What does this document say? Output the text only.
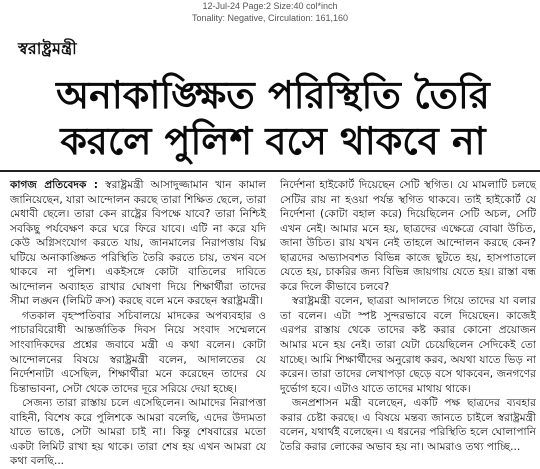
12-Jul-24 Page:2 Size:40 col*inch
Tonality: Negative, Circulation: 161,160
স্বরাষ্ট্রমন্ত্রী
অনাকাঙ্ক্ষিত পরিস্থিতি তৈরি
করলে পুলিশ বসে থাকবে না

কাগজ প্রতিবেদক : স্বরাষ্ট্রমন্ত্রী আসাদুজ্জামান খান কামাল জানিয়েছেন, যারা আন্দোলন করছে তারা শিক্ষিত ছেলে, তারা মেধাবী ছেলে। তারা কেন রাষ্ট্রের বিপক্ষে যাবে? তারা নিশ্চিই সবকিছু পর্যবেক্ষণ করে ঘরে ফিরে যাবে। এটি না করে যদি কেউ অগ্নিসংযোগ করতে যায়, জানমালের নিরাপত্তায় বিঘ্ন ঘটিয়ে অনাকাঙ্ক্ষিত পরিস্থিতি তৈরি করতে চায়, তখন বসে থাকবে না পুলিশ। একইসঙ্গে কোটা বাতিলের দাবিতে আন্দোলন অব্যাহত রাখার ঘোষণা দিয়ে শিক্ষার্থীরা তাদের সীমা লঙ্ঘন (লিমিট ক্রস) করছে বলে মনে করছেন স্বরাষ্ট্রমন্ত্রী।

গতকাল বৃহস্পতিবার সচিবালয়ে মাদকের অপব্যবহার ও পাচারবিরোধী আন্তর্জাতিক দিবস নিয়ে সংবাদ সম্মেলনে সাংবাদিকদের প্রশ্নের জবাবে মন্ত্রী এ কথা বলেন। কোটা আন্দোলনের বিষয়ে স্বরাষ্ট্রমন্ত্রী বলেন, আদালতের যে নির্দেশনাটা এসেছিল, শিক্ষার্থীরা মনে করেছেন তাদের যে চিন্তাভাবনা, সেটা থেকে তাদের দূরে সরিয়ে দেয়া হচ্ছে।

সেজন্য তারা রাস্তায় চলে এসেছিলেন। আমাদের নিরাপত্তা বাহিনী, বিশেষ করে পুলিশকে আমরা বলেছি, এদের উদ্যমতা যাতে ভাঙে, সেটা আমরা চাই না। কিন্তু শেষবারের মতো একটা লিমিট রাখা হয় থাকে। তারা শেষ হয় এখন আমরা যে কথা বলছি...

নির্দেশনা হাইকোর্ট দিয়েছেন সেটি স্থগিত। যে মামলাটি চলছে সেটির রায় না হওয়া পর্যন্ত স্থগিত থাকবে। তাই হাইকোর্ট যে নির্দেশনা (কোটা বহাল করে) দিয়েছিলেন সেটি অচল, সেটি এখন নেই। আমার মনে হয়, ছাত্রদের এক্ষেত্রে বোঝা উচিত, জানা উচিত। রায় যখন নেই তাহলে আন্দোলন করছে কেন? ছাত্রদের অভ্যাসবশত বিভিন্ন কাজে ছুটতে হয়, হাসপাতালে যেতে হয়, চাকরির জন্য বিভিন্ন জায়গায় যেতে হয়। রাস্তা বন্ধ করে দিলে কীভাবে চলবে?

স্বরাষ্ট্রমন্ত্রী বলেন, ছাত্ররা আদালতে গিয়ে তাদের যা বলার তা বলেন। এটা স্পষ্ট সুন্দরভাবে বলে দিয়েছেন। কাজেই এরপর রাস্তায় থেকে তাদের কষ্ট করার কোনো প্রয়োজন আমার মনে হয় নেই। তারা যেটা চেয়েছিলেন সেদিকেই তো যাচ্ছে। আমি শিক্ষার্থীদের অনুরোধ করব, অযথা যাতে ভিড় না করেন। তারা তাদের লেখাপড়া ছেড়ে বসে থাকবেন, জনগণের দুর্ভোগ হবে। এটাও যাতে তাদের মাথায় থাকে।

জনপ্রশাসন মন্ত্রী বলেছেন, একটি পক্ষ ছাত্রদের ব্যবহার করার চেষ্টা করছে। এ বিষয়ে মন্তব্য জানতে চাইলে স্বরাষ্ট্রমন্ত্রী বলেন, যথার্থই বলেছেন। এ ধরনের পরিস্থিতি হলে ঘোলাপানি তৈরি করার লোকের অভাব হয় না। আমরাও তথ্য পাচ্ছি...
